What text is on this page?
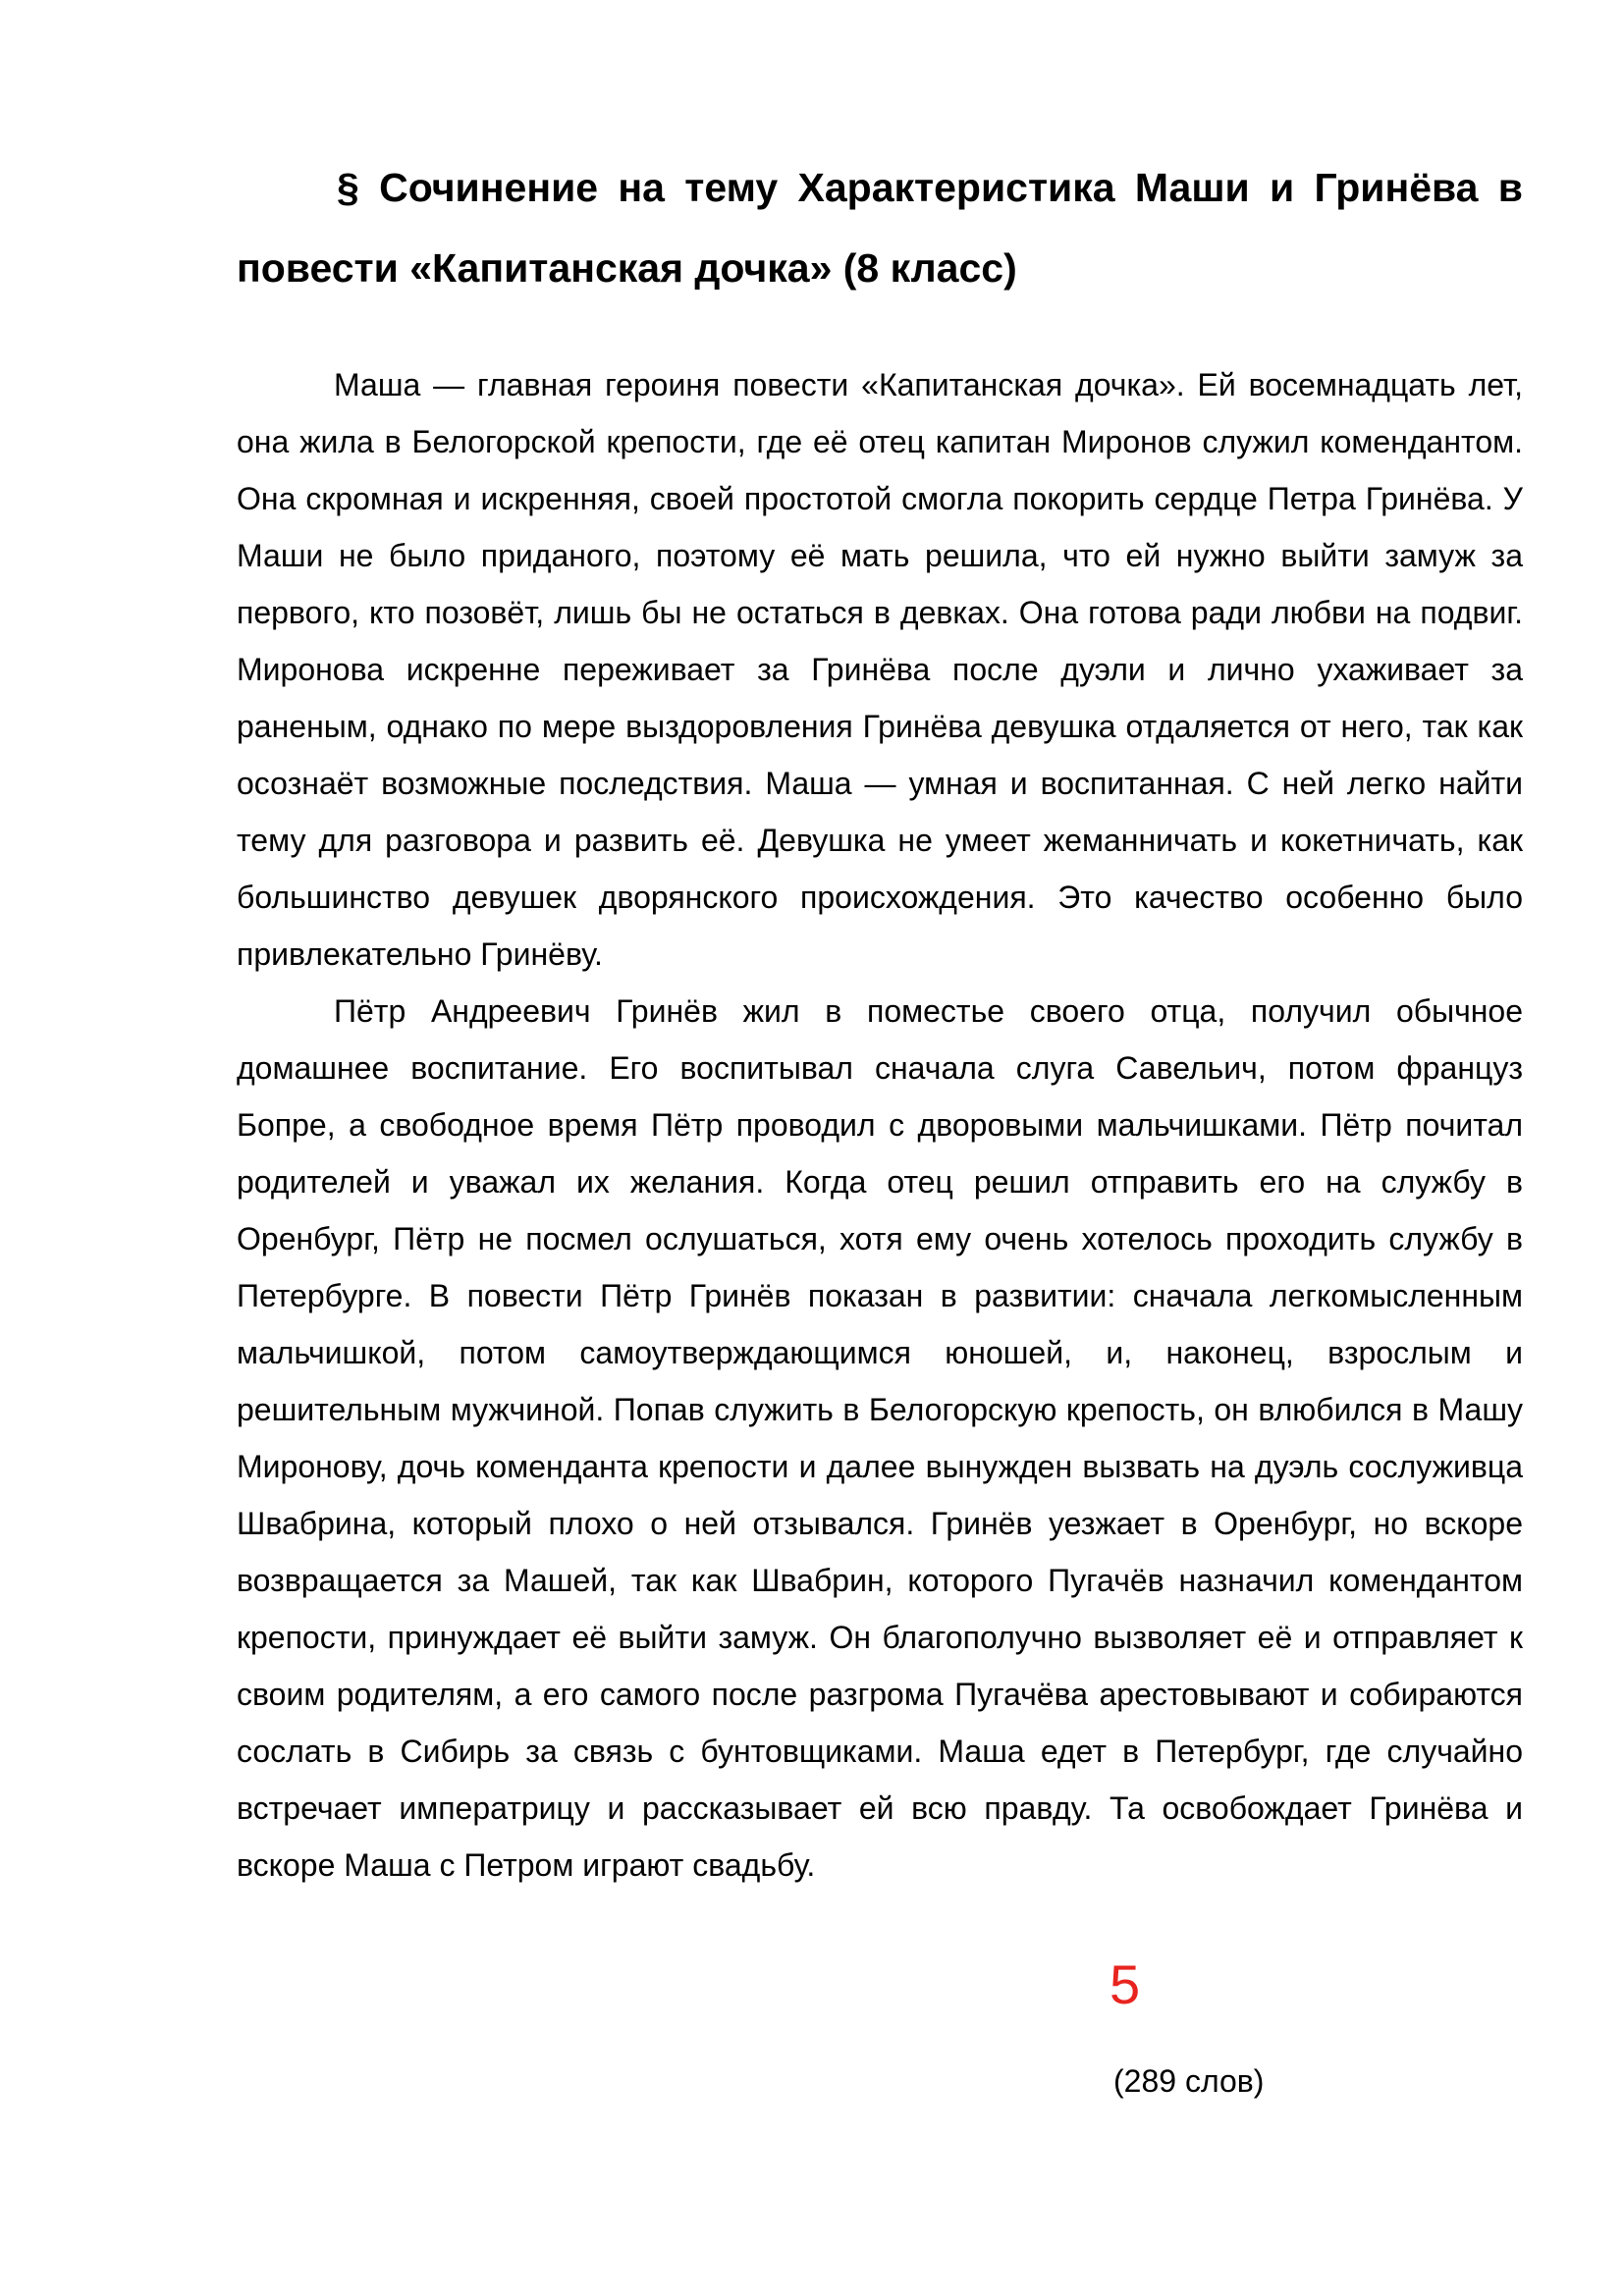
§ Сочинение на тему Характеристика Маши и Гринёва в повести «Капитанская дочка» (8 класс)

Маша — главная героиня повести «Капитанская дочка». Ей восемнадцать лет, она жила в Белогорской крепости, где её отец капитан Миронов служил комендантом. Она скромная и искренняя, своей простотой смогла покорить сердце Петра Гринёва. У Маши не было приданого, поэтому её мать решила, что ей нужно выйти замуж за первого, кто позовёт, лишь бы не остаться в девках. Она готова ради любви на подвиг. Миронова искренне переживает за Гринёва после дуэли и лично ухаживает за раненым, однако по мере выздоровления Гринёва девушка отдаляется от него, так как осознаёт возможные последствия. Маша — умная и воспитанная. С ней легко найти тему для разговора и развить её. Девушка не умеет жеманничать и кокетничать, как большинство девушек дворянского происхождения. Это качество особенно было привлекательно Гринёву.

Пётр Андреевич Гринёв жил в поместье своего отца, получил обычное домашнее воспитание. Его воспитывал сначала слуга Савельич, потом француз Бопре, а свободное время Пётр проводил с дворовыми мальчишками. Пётр почитал родителей и уважал их желания. Когда отец решил отправить его на службу в Оренбург, Пётр не посмел ослушаться, хотя ему очень хотелось проходить службу в Петербурге. В повести Пётр Гринёв показан в развитии: сначала легкомысленным мальчишкой, потом самоутверждающимся юношей, и, наконец, взрослым и решительным мужчиной. Попав служить в Белогорскую крепость, он влюбился в Машу Миронову, дочь коменданта крепости и далее вынужден вызвать на дуэль сослуживца Швабрина, который плохо о ней отзывался. Гринёв уезжает в Оренбург, но вскоре возвращается за Машей, так как Швабрин, которого Пугачёв назначил комендантом крепости, принуждает её выйти замуж. Он благополучно вызволяет её и отправляет к своим родителям, а его самого после разгрома Пугачёва арестовывают и собираются сослать в Сибирь за связь с бунтовщиками. Маша едет в Петербург, где случайно встречает императрицу и рассказывает ей всю правду. Та освобождает Гринёва и вскоре Маша с Петром играют свадьбу.

5
(289 слов)
